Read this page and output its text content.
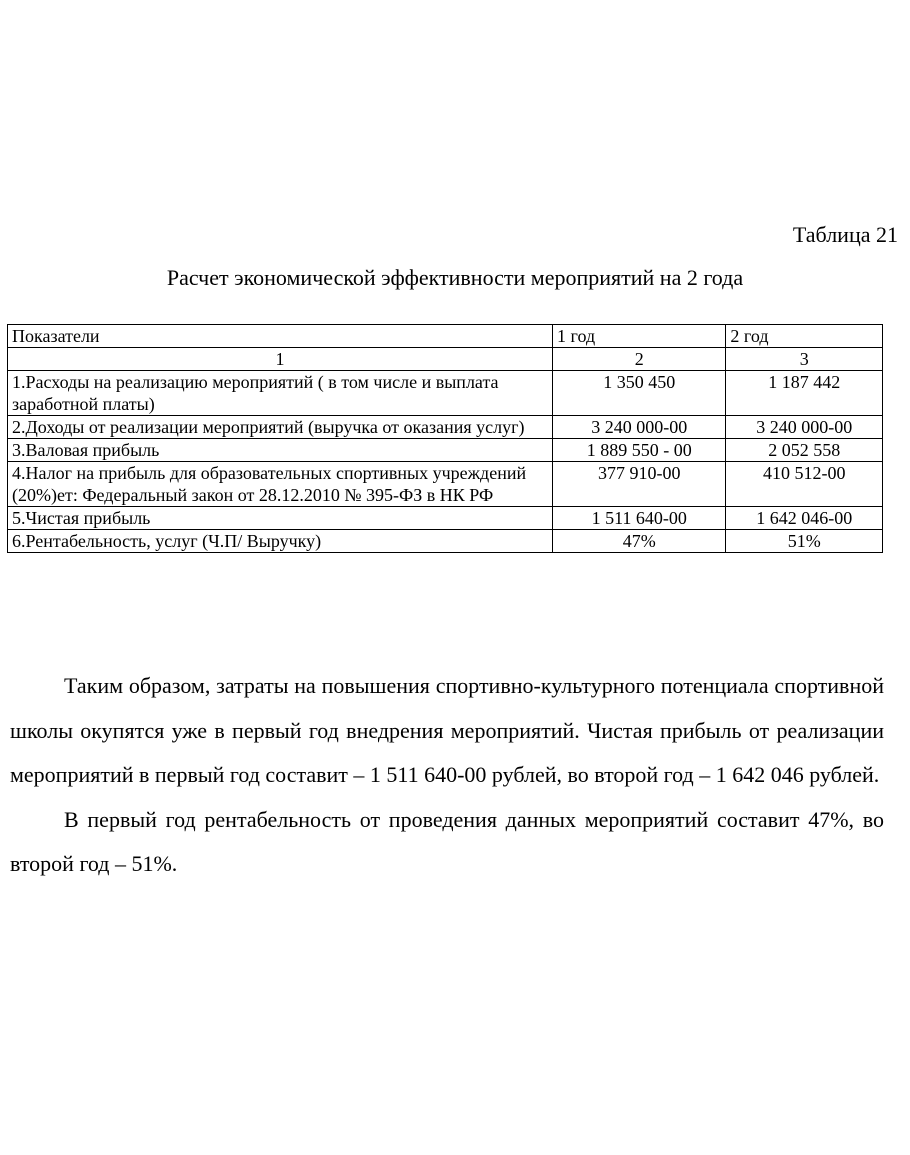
Таблица 21
Расчет экономической эффективности мероприятий на 2 года
Показатели	1 год	2 год
1	2	3
1.Расходы на реализацию мероприятий ( в том числе и выплата заработной платы)	1 350 450	1 187 442
2.Доходы от реализации мероприятий (выручка от оказания услуг)	3 240 000-00	3 240 000-00
3.Валовая прибыль	1 889 550 - 00	2 052 558
4.Налог на прибыль для образовательных спортивных учреждений (20%)ет: Федеральный закон от 28.12.2010 № 395-ФЗ в НК РФ	377 910-00	410 512-00
5.Чистая прибыль	1 511 640-00	1 642 046-00
6.Рентабельность, услуг (Ч.П/ Выручку)	47%	51%

Таким образом, затраты на повышения спортивно-культурного потенциала спортивной школы окупятся уже в первый год внедрения мероприятий. Чистая прибыль от реализации мероприятий в первый год составит – 1 511 640-00 рублей, во второй год – 1 642 046 рублей.

В первый год рентабельность от проведения данных мероприятий составит 47%, во второй год – 51%.
